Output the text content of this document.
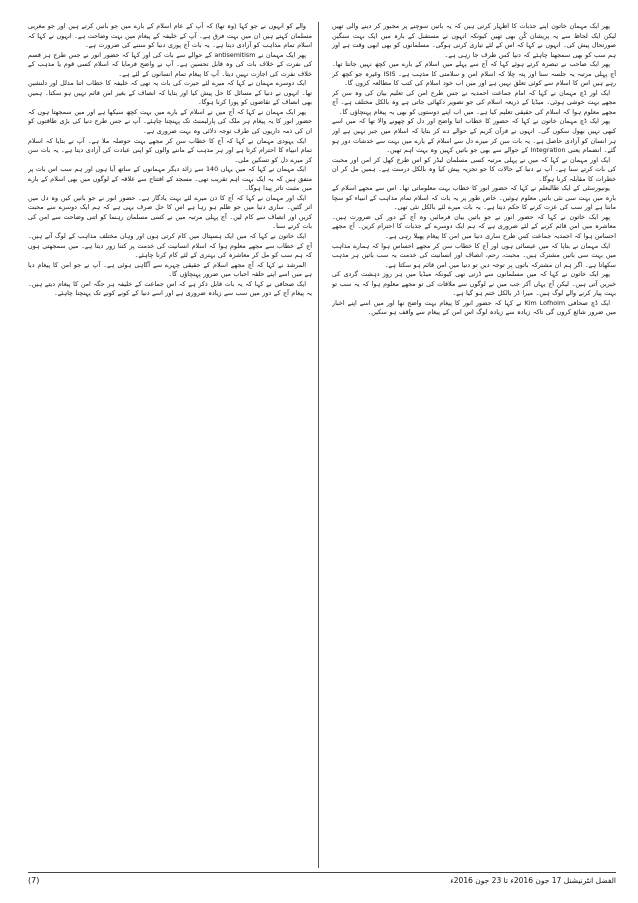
پھر ایک مہمان خاتون اپنے جذبات کا اظہار کرتی ہیں کہ یہ باتیں سوچنے پر مجبور کر دینے والی تھیں لیکن ایک لحاظ سے یہ پریشان کُن بھی تھیں کیونکہ انہوں نے مستقبل کے بارہ میں ایک بہت سنگین صورتحال پیش کی۔ انہوں نے کہا کہ اس کے لئے تیاری کرنی ہوگی۔ مسلمانوں کو بھی ابھی وقت ہے اور ہم سب کو بھی سمجھنا چاہئے کہ دنیا کس طرف جا رہی ہے۔

پھر ایک صاحب نے تبصرہ کرتے ہوئے کہا کہ آج سے پہلے میں اسلام کے بارے میں کچھ نہیں جانتا تھا۔ آج پہلی مرتبہ یہ جلسہ سنا اور پتہ چلا کہ اسلام امن و سلامتی کا مذہب ہے۔ ISIS وغیرہ جو کچھ کر رہے ہیں اس کا اسلام سے کوئی تعلق نہیں ہے اور میں اب خود اسلام کی کتب کا مطالعہ کروں گا۔

ایک اور ڈچ مہمان نے کہا کہ امام جماعت احمدیہ نے جس طرح امن کی تعلیم بیان کی وہ سن کر مجھے بہت خوشی ہوئی۔ میڈیا کے ذریعہ اسلام کی جو تصویر دکھائی جاتی ہے وہ بالکل مختلف ہے۔ آج مجھے معلوم ہوا کہ اسلام کی حقیقی تعلیم کیا ہے۔ میں اب اپنے دوستوں کو بھی یہ پیغام پہنچاؤں گا۔

پھر ایک ڈچ مہمان خاتون نے کہا کہ حضور کا خطاب اتنا واضح اور دل کو چھونے والا تھا کہ میں اسے کبھی نہیں بھول سکوں گی۔ انہوں نے قرآن کریم کے حوالے دے کر بتایا کہ اسلام میں جبر نہیں ہے اور ہر انسان کو آزادی حاصل ہے۔ یہ بات سن کر میرے دل سے اسلام کے بارے میں بہت سے خدشات دور ہو گئے۔ انضمام یعنی Integration کے حوالے سے بھی جو باتیں کہیں وہ بہت اہم تھیں۔

ایک اور مہمان نے کہا کہ میں نے پہلی مرتبہ کسی مسلمان لیڈر کو اس طرح کھل کر امن اور محبت کی بات کرتے سنا ہے۔ آپ نے دنیا کے حالات کا جو تجزیہ پیش کیا وہ بالکل درست ہے۔ ہمیں مل کر ان خطرات کا مقابلہ کرنا ہوگا۔

یونیورسٹی کے ایک طالبعلم نے کہا کہ حضور انور کا خطاب بہت معلوماتی تھا۔ اس سے مجھے اسلام کے بارہ میں بہت سی نئی باتیں معلوم ہوئیں۔ خاص طور پر یہ بات کہ اسلام تمام مذاہب کے انبیاء کو سچا مانتا ہے اور سب کی عزت کرنے کا حکم دیتا ہے۔ یہ بات میرے لئے بالکل نئی تھی۔

پھر ایک خاتون نے کہا کہ حضور انور نے جو باتیں بیان فرمائیں وہ آج کے دور کی ضرورت ہیں۔ معاشرہ میں امن قائم کرنے کے لئے ضروری ہے کہ ہم ایک دوسرے کے جذبات کا احترام کریں۔ آج مجھے احساس ہوا کہ احمدیہ جماعت کس طرح ساری دنیا میں امن کا پیغام پھیلا رہی ہے۔

ایک مہمان نے بتایا کہ میں عیسائی ہوں اور آج کا خطاب سن کر مجھے احساس ہوا کہ ہمارے مذاہب میں بہت سی باتیں مشترک ہیں۔ محبت، رحم، انصاف اور انسانیت کی خدمت یہ سب باتیں ہر مذہب سکھاتا ہے۔ اگر ہم ان مشترکہ باتوں پر توجہ دیں تو دنیا میں امن قائم ہو سکتا ہے۔

پھر ایک خاتون نے کہا کہ میں مسلمانوں سے ڈرتی تھی کیونکہ میڈیا میں ہر روز دہشت گردی کی خبریں آتی ہیں۔ لیکن آج یہاں آکر جب میں نے لوگوں سے ملاقات کی تو مجھے معلوم ہوا کہ یہ سب تو بہت پیار کرنے والے لوگ ہیں۔ میرا ڈر بالکل ختم ہو گیا ہے۔

ایک ڈچ صحافی Kim Lofholm نے کہا کہ حضور انور کا پیغام بہت واضح تھا اور میں اسے اپنے اخبار میں ضرور شائع کروں گی تاکہ زیادہ سے زیادہ لوگ اس امن کے پیغام سے واقف ہو سکیں۔

والے کو انہوں نے جو کہا (وہ تھا) کہ آپ کے عام اسلام کے بارے میں جو باتیں کرتے ہیں اور جو مغربی مسلمان کہتے ہیں ان میں بہت فرق ہے۔ آپ کے خلیفہ کے پیغام میں بہت وضاحت ہے۔ انہوں نے کہا کہ اسلام تمام مذاہب کو آزادی دیتا ہے۔ یہ بات آج پوری دنیا کو سننے کی ضرورت ہے۔

پھر ایک مہمان نے antisemitism کے حوالے سے بات کی اور کہا کہ حضور انور نے جس طرح ہر قسم کی نفرت کے خلاف بات کی وہ قابل تحسین ہے۔ آپ نے واضح فرمایا کہ اسلام کسی قوم یا مذہب کے خلاف نفرت کی اجازت نہیں دیتا۔ آپ کا پیغام تمام انسانوں کے لئے ہے۔

ایک دوسرے مہمان نے کہا کہ میرے لئے حیرت کی بات یہ تھی کہ خلیفہ کا خطاب اتنا مدلل اور دلنشین تھا۔ انہوں نے دنیا کے مسائل کا حل پیش کیا اور بتایا کہ انصاف کے بغیر امن قائم نہیں ہو سکتا۔ ہمیں بھی انصاف کے تقاضوں کو پورا کرنا ہوگا۔

پھر ایک مہمان نے کہا کہ آج میں نے اسلام کے بارے میں بہت کچھ سیکھا ہے اور میں سمجھتا ہوں کہ حضور انور کا یہ پیغام ہر ملک کی پارلیمنٹ تک پہنچنا چاہئے۔ آپ نے جس طرح دنیا کی بڑی طاقتوں کو ان کی ذمہ داریوں کی طرف توجہ دلائی وہ بہت ضروری ہے۔

ایک یہودی مہمان نے کہا کہ آج کا خطاب سن کر مجھے بہت حوصلہ ملا ہے۔ آپ نے بتایا کہ اسلام تمام انبیاء کا احترام کرتا ہے اور ہر مذہب کے ماننے والوں کو اپنی عبادت کی آزادی دیتا ہے۔ یہ بات سن کر میرے دل کو تسکین ملی۔

ایک مہمان نے کہا کہ میں یہاں 140 سے زائد دیگر مہمانوں کے ساتھ آیا ہوں اور ہم سب اس بات پر متفق ہیں کہ یہ ایک بہت اہم تقریب تھی۔ مسجد کے افتتاح سے علاقہ کے لوگوں میں بھی اسلام کے بارے میں مثبت تاثر پیدا ہوگا۔

ایک اور مہمان نے کہا کہ آج کا دن میرے لئے بہت یادگار ہے۔ حضور انور نے جو باتیں کیں وہ دل میں اتر گئیں۔ ساری دنیا میں جو ظلم ہو رہا ہے اس کا حل صرف یہی ہے کہ ہم ایک دوسرے سے محبت کریں اور انصاف سے کام لیں۔ آج پہلی مرتبہ میں نے کسی مسلمان رہنما کو اتنی وضاحت سے امن کی بات کرتے سنا۔

ایک خاتون نے کہا کہ میں ایک ہسپتال میں کام کرتی ہوں اور وہاں مختلف مذاہب کے لوگ آتے ہیں۔ آج کے خطاب سے مجھے معلوم ہوا کہ اسلام انسانیت کی خدمت پر کتنا زور دیتا ہے۔ میں سمجھتی ہوں کہ ہم سب کو مل کر معاشرہ کی بہتری کے لئے کام کرنا چاہئے۔

المرشد نے کہا کہ آج مجھے اسلام کے حقیقی چہرے سے آگاہی ہوئی ہے۔ آپ نے جو امن کا پیغام دیا ہے میں اسے اپنے حلقہ احباب میں ضرور پہنچاؤں گا۔

ایک صحافی نے کہا کہ یہ بات قابل ذکر ہے کہ اس جماعت کے خلیفہ ہر جگہ امن کا پیغام دیتے ہیں۔ یہ پیغام آج کے دور میں سب سے زیادہ ضروری ہے اور اسے دنیا کے کونے کونے تک پہنچنا چاہئے۔

(7)	الفضل انٹرنیشنل 17 جون 2016ء تا 23 جون 2016ء
